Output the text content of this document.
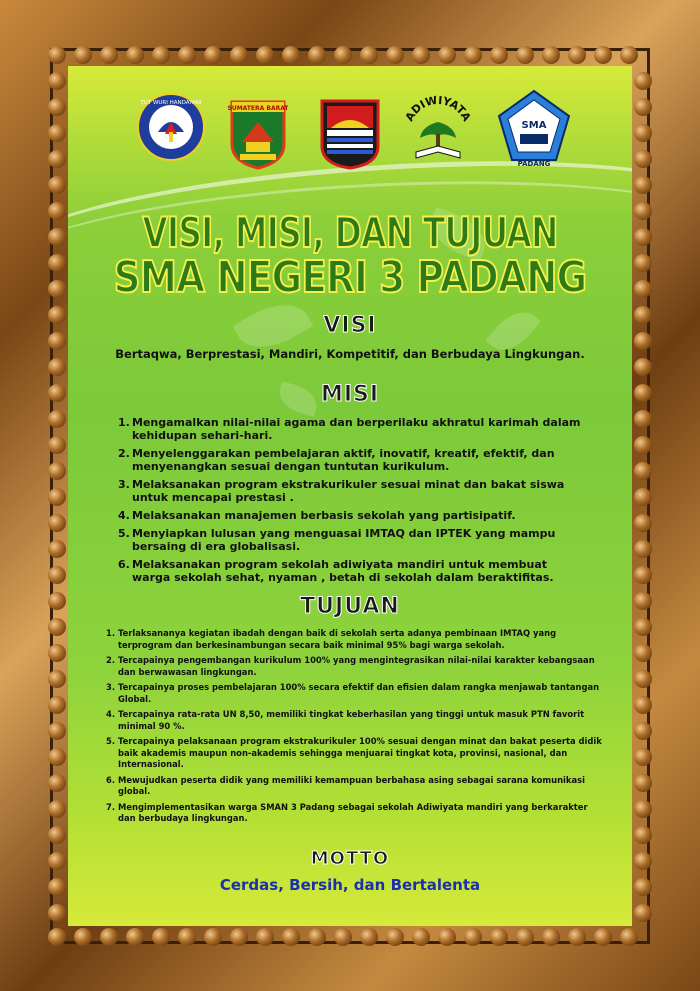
TUT WURI HANDAYANI
SUMATERA BARAT
ADIWIYATA
SMA
PADANG
VISI, MISI, DAN TUJUAN
SMA NEGERI 3 PADANG
VISI
Bertaqwa, Berprestasi, Mandiri, Kompetitif, dan Berbudaya Lingkungan.
MISI
1. Mengamalkan nilai-nilai agama dan berperilaku akhratul karimah dalam kehidupan sehari-hari.
2. Menyelenggarakan pembelajaran aktif, inovatif, kreatif, efektif, dan menyenangkan sesuai dengan tuntutan kurikulum.
3. Melaksanakan program ekstrakurikuler sesuai minat dan bakat siswa untuk mencapai prestasi .
4. Melaksanakan manajemen berbasis sekolah yang partisipatif.
5. Menyiapkan lulusan yang menguasai IMTAQ dan IPTEK yang mampu bersaing di era globalisasi.
6. Melaksanakan program sekolah adiwiyata mandiri untuk membuat warga sekolah sehat, nyaman , betah di sekolah dalam beraktifitas.
TUJUAN
1. Terlaksananya kegiatan ibadah dengan baik di sekolah serta adanya pembinaan IMTAQ yang terprogram dan berkesinambungan secara baik minimal 95% bagi warga sekolah.
2. Tercapainya pengembangan kurikulum 100% yang mengintegrasikan nilai-nilai karakter kebangsaan dan berwawasan lingkungan.
3. Tercapainya proses pembelajaran 100% secara efektif dan efisien dalam rangka menjawab tantangan Global.
4. Tercapainya rata-rata UN 8,50, memiliki tingkat keberhasilan yang tinggi untuk masuk PTN favorit minimal 90 %.
5. Tercapainya pelaksanaan program ekstrakurikuler 100% sesuai dengan minat dan bakat peserta didik baik akademis maupun non-akademis sehingga menjuarai tingkat kota, provinsi, nasional, dan Internasional.
6. Mewujudkan peserta didik yang memiliki kemampuan berbahasa asing sebagai sarana komunikasi global.
7. Mengimplementasikan warga SMAN 3 Padang sebagai sekolah Adiwiyata mandiri yang berkarakter dan berbudaya lingkungan.
MOTTO
Cerdas, Bersih, dan Bertalenta
